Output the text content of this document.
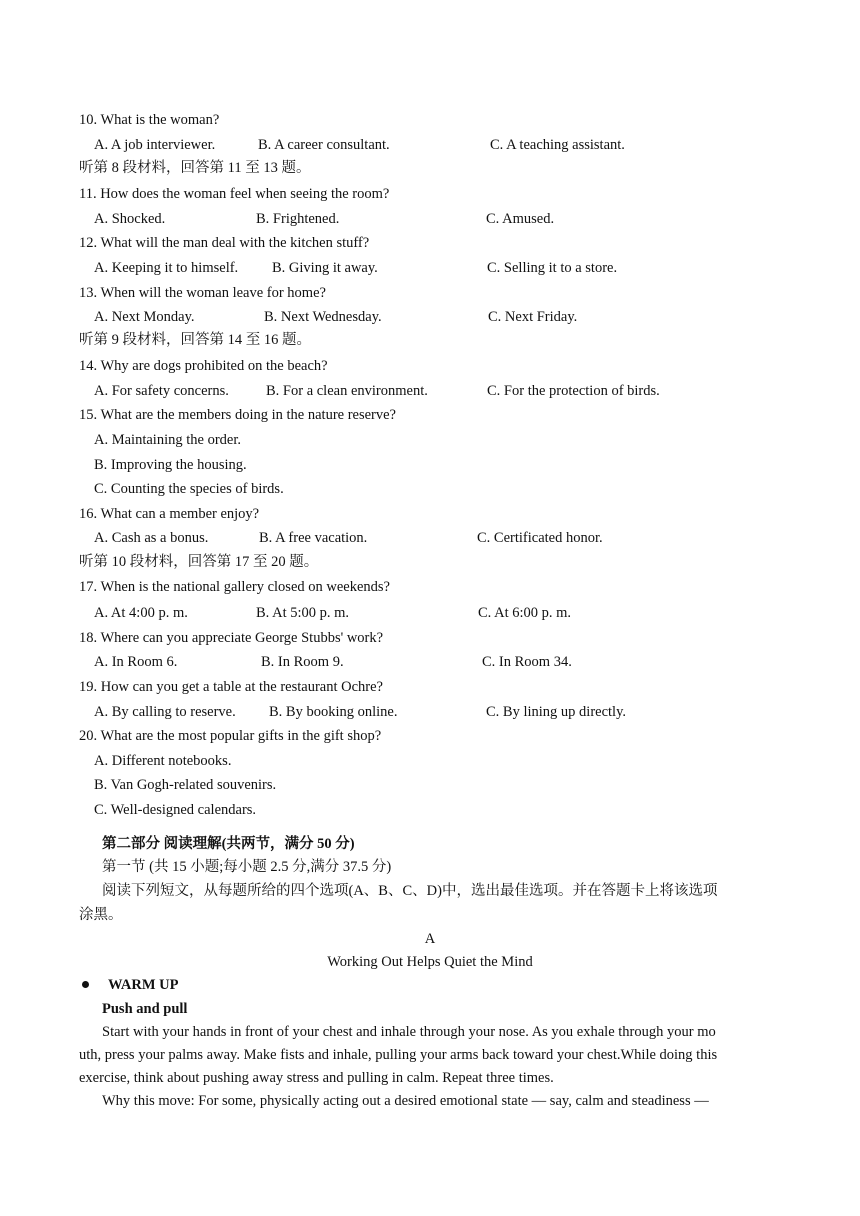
10. What is the woman?
A. A job interviewer.	B. A career consultant.	C. A teaching assistant.
听第 8 段材料，回答第 11 至 13 题。
11. How does the woman feel when seeing the room?
A. Shocked.	B. Frightened.	C. Amused.
12. What will the man deal with the kitchen stuff?
A. Keeping it to himself. B. Giving it away.	C. Selling it to a store.
13. When will the woman leave for home?
A. Next Monday.	B. Next Wednesday.	C. Next Friday.
听第 9 段材料，回答第 14 至 16 题。
14. Why are dogs prohibited on the beach?
A. For safety concerns.	B. For a clean environment.	C. For the protection of birds.
15. What are the members doing in the nature reserve?
A. Maintaining the order.
B. Improving the housing.
C. Counting the species of birds.
16. What can a member enjoy?
A. Cash as a bonus.	B. A free vacation.	C. Certificated honor.
听第 10 段材料，回答第 17 至 20 题。
17. When is the national gallery closed on weekends?
A. At 4:00 p. m.	B. At 5:00 p. m.	C. At 6:00 p. m.
18. Where can you appreciate George Stubbs' work?
A. In Room 6.	B. In Room 9.	C. In Room 34.
19. How can you get a table at the restaurant Ochre?
A. By calling to reserve. B. By booking online.	C. By lining up directly.
20. What are the most popular gifts in the gift shop?
A. Different notebooks.
B. Van Gogh-related souvenirs.
C. Well-designed calendars.
第二部分 阅读理解(共两节，满分 50 分)
第一节 (共 15 小题;每小题 2.5 分,满分 37.5 分)
阅读下列短文，从每题所给的四个选项(A、B、C、D)中，选出最佳选项。并在答题卡上将该选项
涂黑。
A
Working Out Helps Quiet the Mind
WARM UP
Push and pull
Start with your hands in front of your chest and inhale through your nose. As you exhale through your mo
uth, press your palms away. Make fists and inhale, pulling your arms back toward your chest.While doing this
exercise, think about pushing away stress and pulling in calm. Repeat three times.
Why this move: For some, physically acting out a desired emotional state — say, calm and steadiness —
